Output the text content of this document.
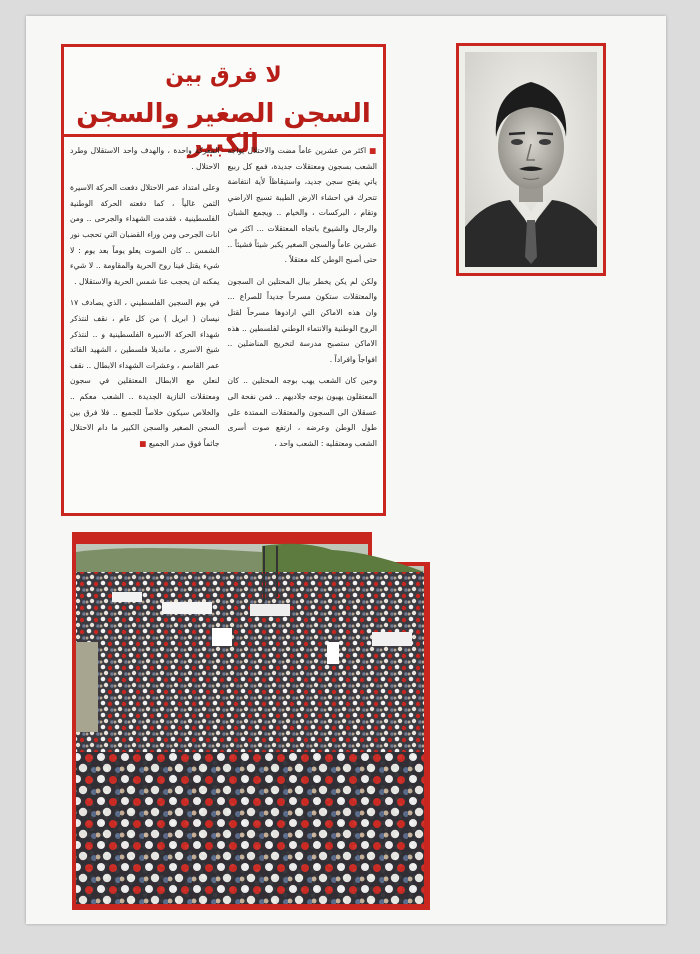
لا فرق بين
السجن الصغير والسجن الكبير	■ اكثر من عشرين عاماً مضت والاحتلال يواجه الشعب بسجون ومعتقلات جديدة، فمع كل ربيع ياتي يفتح سجن جديد، واستيقاظاً لأية انتفاضة تتحرك في احشاء الارض الطيبة تسيج الاراضي وتقام ، البركسات ، والخيام .. ويجمع الشبان والرجال والشيوخ باتجاه المعتقلات ... اكثر من عشرين عاماً والسجن الصغير يكبر شيئاً فشيئاً .. حتى أصبح الوطن كله معتقلاً .

ولكن لم يكن يخطر ببال المحتلين ان السجون والمعتقلات ستكون مسرحاً جديداً للصراع ... وان هذه الاماكن التي ارادوها مسرحاً لقتل الروح الوطنية والانتماء الوطني لفلسطين .. هذه الاماكن ستصبح مدرسة لتخريج المناضلين .. افواجاً وافراداً .

وحين كان الشعب يهب بوجه المحتلين .. كان المعتقلون يهبون بوجه جلاديهم .. فمن نفحة الى عسقلان الى السجون والمعتقلات الممتدة على طول الوطن وعرضه ، ارتفع صوت أسرى الشعب ومعتقليه : الشعب واحد ،

المعركة واحدة ، والهدف واحد الاستقلال وطرد الاحتلال .

وعلى امتداد عمر الاحتلال دفعت الحركة الاسيرة الثمن غالياً ، كما دفعته الحركة الوطنية الفلسطينية ، فقدمت الشهداء والجرحى .. ومن انات الجرحى ومن وراء القضبان التي تحجب نور الشمس .. كان الصوت يعلو يوماً بعد يوم : لا شيء يقتل فينا روح الحرية والمقاومة .. لا شيء يمكنه ان يحجب عنا شمس الحرية والاستقلال .

في يوم السجين الفلسطيني ، الذي يصادف ١٧ نيسان ( ابريل ) من كل عام ، نقف لنتذكر شهداء الحركة الاسيرة الفلسطينية و .. لنتذكر شيخ الاسرى ، مانديلا فلسطين ، الشهيد القائد عمر القاسم ، وعشرات الشهداء الابطال .. نقف لنعلن مع الابطال المعتقلين في سجون ومعتقلات النازية الجديدة .. الشعب معكم .. والخلاص سيكون خلاصاً للجميع .. فلا فرق بين السجن الصغير والسجن الكبير ما دام الاحتلال جاثماً فوق صدر الجميع ■
